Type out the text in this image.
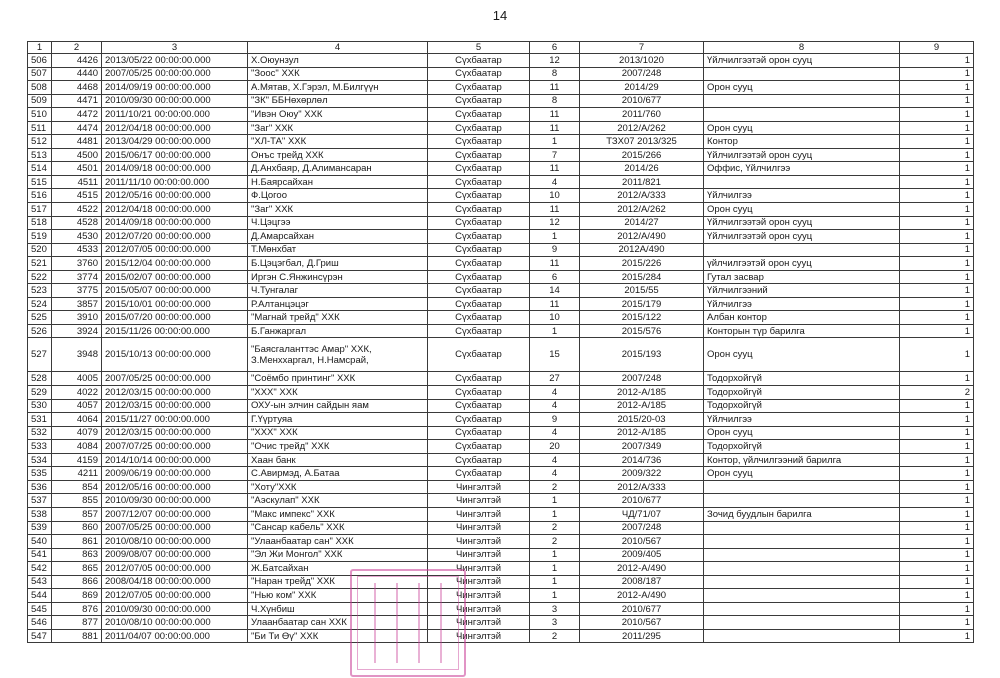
14
1	2	3	4	5	6	7	8	9
506	4426	2013/05/22 00:00:00.000	Х.Оюунзул	Сүхбаатар	12	2013/1020	Үйлчилгээтэй орон сууц	1
507	4440	2007/05/25 00:00:00.000	"Зоос" ХХК	Сүхбаатар	8	2007/248		1
508	4468	2014/09/19 00:00:00.000	А.Мятав, Х.Гэрэл, М.Билгүүн	Сүхбаатар	11	2014/29	Орон сууц	1
509	4471	2010/09/30 00:00:00.000	"ЗК" ББНөхөрлөл	Сүхбаатар	8	2010/677		1
510	4472	2011/10/21 00:00:00.000	"Ивэн Оюу" ХХК	Сүхбаатар	11	2011/760		1
511	4474	2012/04/18 00:00:00.000	"Заг" ХХК	Сүхбаатар	11	2012/А/262	Орон сууц	1
512	4481	2013/04/29 00:00:00.000	"ХЛ-ТА" ХХК	Сүхбаатар	1	ТЗХ07 2013/325	Контор	1
513	4500	2015/06/17 00:00:00.000	Онъс трейд ХХК	Сүхбаатар	7	2015/266	Үйлчилгээтэй орон сууц	1
514	4501	2014/09/18 00:00:00.000	Д.Анхбаяр, Д.Алимансаран	Сүхбаатар	11	2014/26	Оффис, Үйлчилгээ	1
515	4511	2011/11/10 00:00:00.000	Н.Баярсайхан	Сүхбаатар	4	2011/821		1
516	4515	2012/05/16 00:00:00.000	Ф.Цогоо	Сүхбаатар	10	2012/А/333	Үйлчилгээ	1
517	4522	2012/04/18 00:00:00.000	"Заг" ХХК	Сүхбаатар	11	2012/А/262	Орон сууц	1
518	4528	2014/09/18 00:00:00.000	Ч.Цэцгээ	Сүхбаатар	12	2014/27	Үйлчилгээтэй орон сууц	1
519	4530	2012/07/20 00:00:00.000	Д.Амарсайхан	Сүхбаатар	1	2012/А/490	Үйлчилгээтэй орон сууц	1
520	4533	2012/07/05 00:00:00.000	Т.Мөнхбат	Сүхбаатар	9	2012А/490		1
521	3760	2015/12/04 00:00:00.000	Б.Цэцэгбал, Д.Гриш	Сүхбаатар	11	2015/226	үйлчилгээтэй орон сууц	1
522	3774	2015/02/07 00:00:00.000	Иргэн С.Янжинсүрэн	Сүхбаатар	6	2015/284	Гутал засвар	1
523	3775	2015/05/07 00:00:00.000	Ч.Тунгалаг	Сүхбаатар	14	2015/55	Үйлчилгээний	1
524	3857	2015/10/01 00:00:00.000	Р.Алтанцэцэг	Сүхбаатар	11	2015/179	Үйлчилгээ	1
525	3910	2015/07/20 00:00:00.000	"Магнай трейд" ХХК	Сүхбаатар	10	2015/122	Албан контор	1
526	3924	2015/11/26 00:00:00.000	Б.Ганжаргал	Сүхбаатар	1	2015/576	Конторын түр барилга	1
527	3948	2015/10/13 00:00:00.000	"Баясгаланттэс Амар" ХХК, З.Менххаргал, Н.Намсрай,	Сүхбаатар	15	2015/193	Орон сууц	1
528	4005	2007/05/25 00:00:00.000	"Соёмбо принтинг" ХХК	Сүхбаатар	27	2007/248	Тодорхойгүй	1
529	4022	2012/03/15 00:00:00.000	"ХХХ" ХХК	Сүхбаатар	4	2012-А/185	Тодорхойгүй	2
530	4057	2012/03/15 00:00:00.000	ОХУ-ын элчин сайдын яам	Сүхбаатар	4	2012-А/185	Тодорхойгүй	1
531	4064	2015/11/27 00:00:00.000	Г.Үүртуяа	Сүхбаатар	9	2015/20-03	Үйлчилгээ	1
532	4079	2012/03/15 00:00:00.000	"ХХХ" ХХК	Сүхбаатар	4	2012-А/185	Орон сууц	1
533	4084	2007/07/25 00:00:00.000	"Очис трейд" ХХК	Сүхбаатар	20	2007/349	Тодорхойгүй	1
534	4159	2014/10/14 00:00:00.000	Хаан банк	Сүхбаатар	4	2014/736	Контор, үйлчилгээний барилга	1
535	4211	2009/06/19 00:00:00.000	С.Авирмэд, А.Батаа	Сүхбаатар	4	2009/322	Орон сууц	1
536	854	2012/05/16 00:00:00.000	"Хоту"ХХК	Чингэлтэй	2	2012/А/333		1
537	855	2010/09/30 00:00:00.000	"Аэскулап" ХХК	Чингэлтэй	1	2010/677		1
538	857	2007/12/07 00:00:00.000	"Макс импекс" ХХК	Чингэлтэй	1	ЧД/71/07	Зочид буудлын барилга	1
539	860	2007/05/25 00:00:00.000	"Сансар кабель" ХХК	Чингэлтэй	2	2007/248		1
540	861	2010/08/10 00:00:00.000	"Улаанбаатар сан" ХХК	Чингэлтэй	2	2010/567		1
541	863	2009/08/07 00:00:00.000	"Эл Жи Монгол" ХХК	Чингэлтэй	1	2009/405		1
542	865	2012/07/05 00:00:00.000	Ж.Батсайхан	Чингэлтэй	1	2012-А/490		1
543	866	2008/04/18 00:00:00.000	"Наран трейд" ХХК	Чингэлтэй	1	2008/187		1
544	869	2012/07/05 00:00:00.000	"Нью ком" ХХК	Чингэлтэй	1	2012-А/490		1
545	876	2010/09/30 00:00:00.000	Ч.Хүнбиш	Чингэлтэй	3	2010/677		1
546	877	2010/08/10 00:00:00.000	Улаанбаатар сан ХХК	Чингэлтэй	3	2010/567		1
547	881	2011/04/07 00:00:00.000	"Би Ти Өү" ХХК	Чингэлтэй	2	2011/295		1
